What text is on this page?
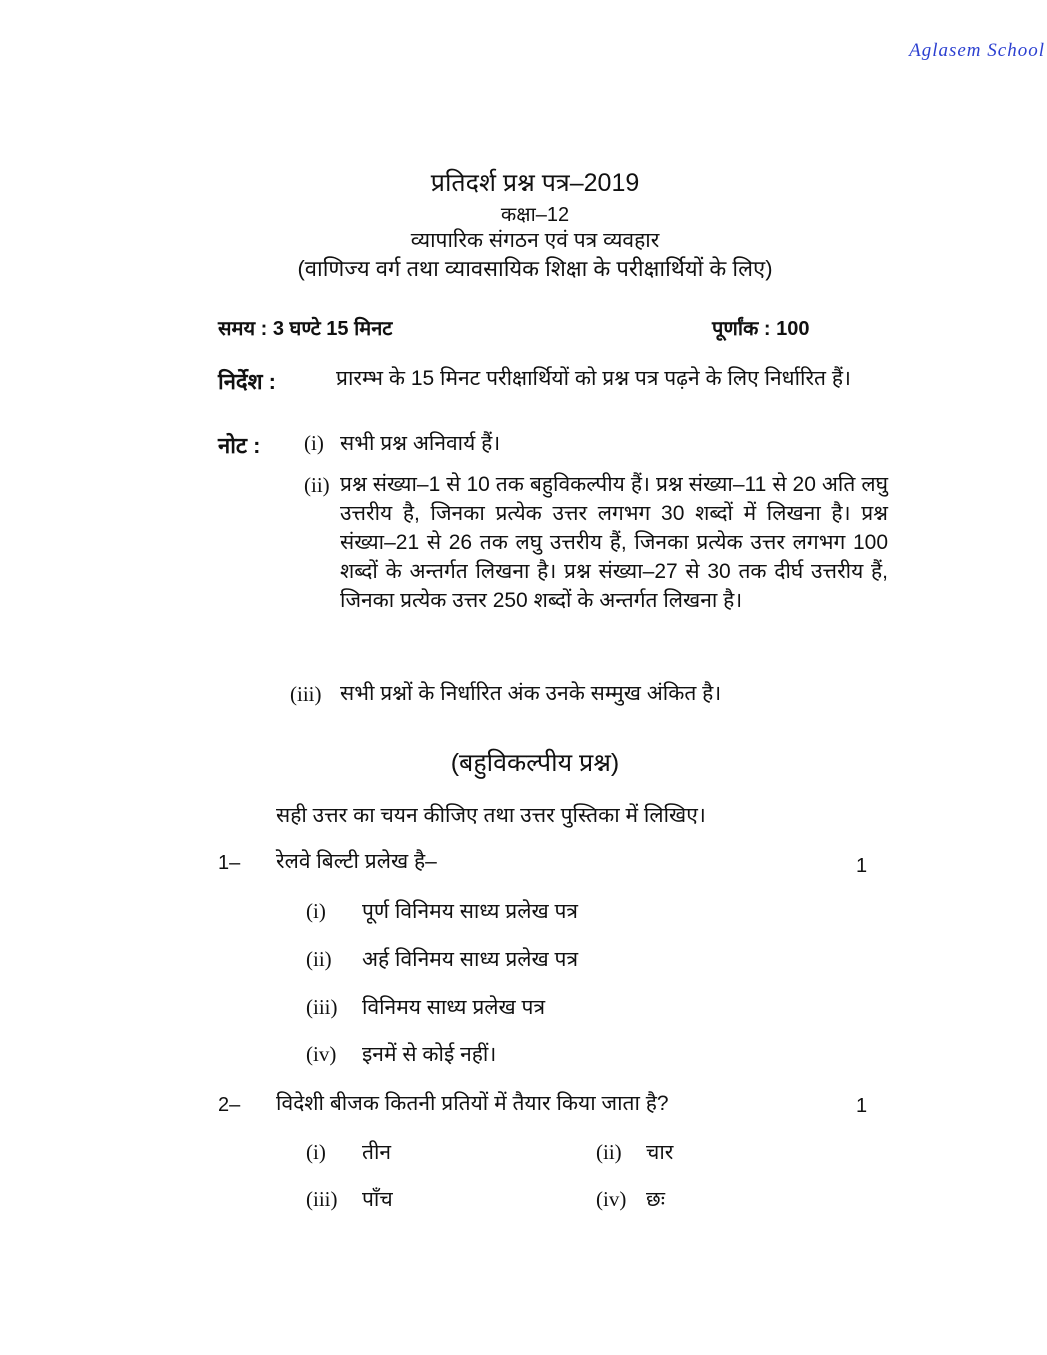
Aglasem School
प्रतिदर्श प्रश्न पत्र–2019
कक्षा–12
व्यापारिक संगठन एवं पत्र व्यवहार
(वाणिज्य वर्ग तथा व्यावसायिक शिक्षा के परीक्षार्थियों के लिए)
समय : 3 घण्टे 15 मिनट	पूर्णांक : 100
निर्देश :	प्रारम्भ के 15 मिनट परीक्षार्थियों को प्रश्न पत्र पढ़ने के लिए निर्धारित हैं।
नोट : (i) सभी प्रश्न अनिवार्य हैं।
(ii) प्रश्न संख्या–1 से 10 तक बहुविकल्पीय हैं। प्रश्न संख्या–11 से 20 अति लघु उत्तरीय है, जिनका प्रत्येक उत्तर लगभग 30 शब्दों में लिखना है। प्रश्न संख्या–21 से 26 तक लघु उत्तरीय हैं, जिनका प्रत्येक उत्तर लगभग 100 शब्दों के अन्तर्गत लिखना है। प्रश्न संख्या–27 से 30 तक दीर्घ उत्तरीय हैं, जिनका प्रत्येक उत्तर 250 शब्दों के अन्तर्गत लिखना है।
(iii) सभी प्रश्नों के निर्धारित अंक उनके सम्मुख अंकित है।
(बहुविकल्पीय प्रश्न)
सही उत्तर का चयन कीजिए तथा उत्तर पुस्तिका में लिखिए।
1– रेलवे बिल्टी प्रलेख है–	1
(i) पूर्ण विनिमय साध्य प्रलेख पत्र
(ii) अर्ह विनिमय साध्य प्रलेख पत्र
(iii) विनिमय साध्य प्रलेख पत्र
(iv) इनमें से कोई नहीं।
2– विदेशी बीजक कितनी प्रतियों में तैयार किया जाता है?	1
(i) तीन	(ii) चार
(iii) पाँच	(iv) छः
